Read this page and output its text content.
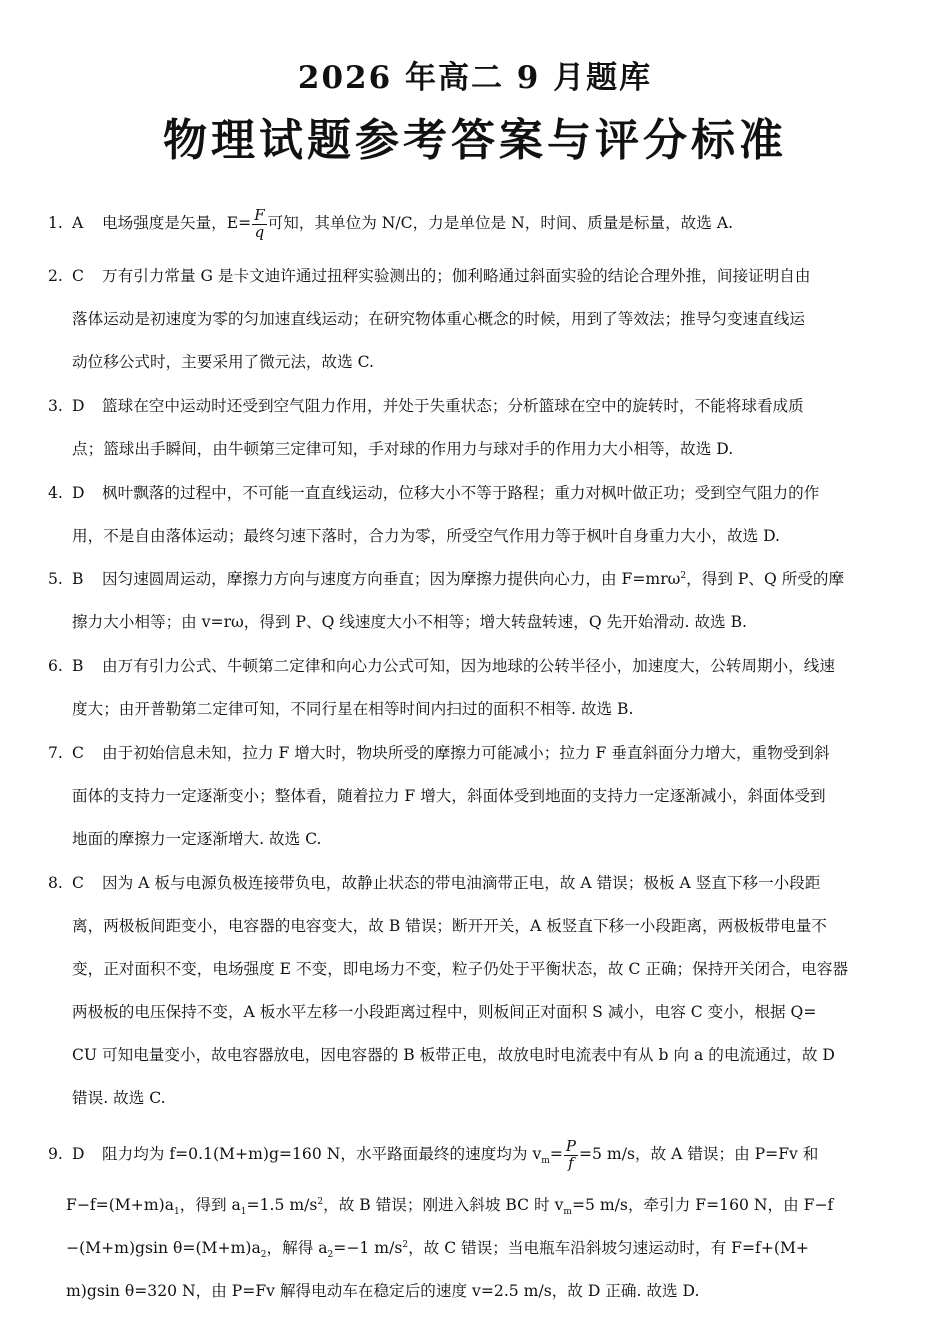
2026 年高二 9 月题库
物理试题参考答案与评分标准
1. A 电场强度是矢量，$E= \frac{F}{q}$ 可知，其单位为 N/C，力是单位是 N，时间、质量是标量，故选 A.
2. C 万有引力常量 G 是卡文迪许通过扭秤实验测出的；伽利略通过斜面实验的结论合理外推，间接证明自由
落体运动是初速度为零的匀加速直线运动；在研究物体重心概念的时候，用到了等效法；推导匀变速直线运
动位移公式时，主要采用了微元法，故选 C.
3. D 篮球在空中运动时还受到空气阻力作用，并处于失重状态；分析篮球在空中的旋转时，不能将球看成质
点；篮球出手瞬间，由牛顿第三定律可知，手对球的作用力与球对手的作用力大小相等，故选 D.
4. D 枫叶飘落的过程中，不可能一直直线运动，位移大小不等于路程；重力对枫叶做正功；受到空气阻力的作
用，不是自由落体运动；最终匀速下落时，合力为零，所受空气作用力等于枫叶自身重力大小，故选 D.
5. B 因匀速圆周运动，摩擦力方向与速度方向垂直；因为摩擦力提供向心力，由 F=mrω$^2$，得到 P、Q 所受的摩
擦力大小相等；由 v=rω，得到 P、Q 线速度大小不相等；增大转盘转速，Q 先开始滑动. 故选 B.
6. B 由万有引力公式、牛顿第二定律和向心力公式可知，因为地球的公转半径小，加速度大，公转周期小，线速
度大；由开普勒第二定律可知，不同行星在相等时间内扫过的面积不相等. 故选 B.
7. C 由于初始信息未知，拉力 F 增大时，物块所受的摩擦力可能减小；拉力 F 垂直斜面分力增大，重物受到斜
面体的支持力一定逐渐变小；整体看，随着拉力 F 增大，斜面体受到地面的支持力一定逐渐减小，斜面体受到
地面的摩擦力一定逐渐增大. 故选 C.
8. C 因为 A 板与电源负极连接带负电，故静止状态的带电油滴带正电，故 A 错误；极板 A 竖直下移一小段距
离，两极板间距变小，电容器的电容变大，故 B 错误；断开开关，A 板竖直下移一小段距离，两极板带电量不
变，正对面积不变，电场强度 E 不变，即电场力不变，粒子仍处于平衡状态，故 C 正确；保持开关闭合，电容器
两极板的电压保持不变，A 板水平左移一小段距离过程中，则板间正对面积 S 减小，电容 C 变小，根据 Q=
CU 可知电量变小，故电容器放电，因电容器的 B 板带正电，故放电时电流表中有从 b 向 a 的电流通过，故 D
错误. 故选 C.
9. D 阻力均为 f=0.1(M+m)g=160 N，水平路面最终的速度均为 $v_m= \frac{P}{f} =5$ m/s，故 A 错误；由 P=Fv 和
$F-f=(M+m)a_1$，得到 $a_1=1.5$ $m/s^2$，故 B 错误；刚进入斜坡 BC 时 $v_m=5$ m/s，牵引力 F=160 N，由 F−f
−(M+m)gsin $\theta=(M+m)a_2$，解得 $a_2=-1$ $m/s^2$，故 C 错误；当电瓶车沿斜坡匀速运动时，有 F=f+(M+
m)gsin θ=320 N，由 P=Fv 解得电动车在稳定后的速度 v=2.5 m/s，故 D 正确. 故选 D.
